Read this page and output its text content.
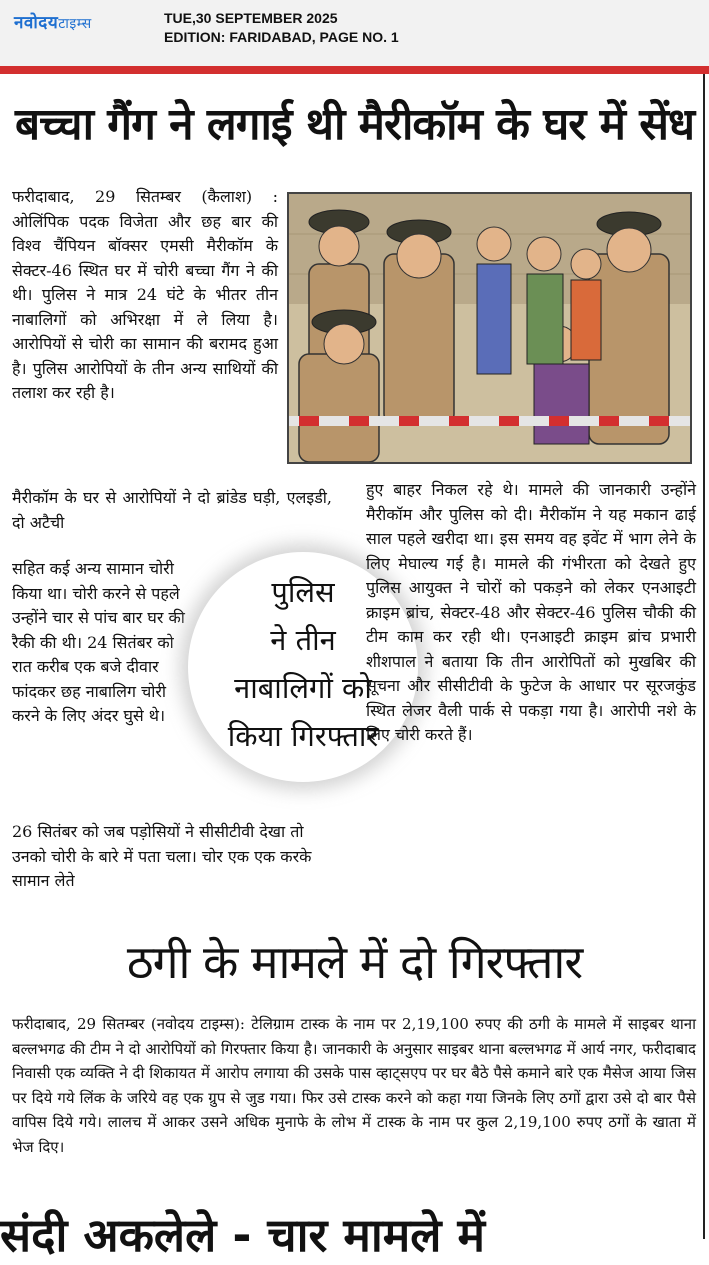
नवोदयटाइम्स	TUE,30 SEPTEMBER 2025
EDITION: FARIDABAD, PAGE NO. 1
बच्चा गैंग ने लगाई थी मैरीकॉम के घर में सेंध
फरीदाबाद, 29 सितम्बर (कैलाश) : ओलिंपिक पदक विजेता और छह बार की विश्व चैंपियन बॉक्सर एमसी मैरीकॉम के सेक्टर-46 स्थित घर में चोरी बच्चा गैंग ने की थी। पुलिस ने मात्र 24 घंटे के भीतर तीन नाबालिगों को अभिरक्षा में ले लिया है। आरोपियों से चोरी का सामान की बरामद हुआ है। पुलिस आरोपियों के तीन अन्य साथियों की तलाश कर रही है।
मैरीकॉम के घर से आरोपियों ने दो ब्रांडेड घड़ी, एलइडी, दो अटैची
सहित कई अन्य सामान चोरी किया था। चोरी करने से पहले उन्होंने चार से पांच बार घर की रैकी की थी। 24 सितंबर को रात करीब एक बजे दीवार फांदकर छह नाबालिग चोरी करने के लिए अंदर घुसे थे।
पुलिस
ने तीन
नाबालिगों को
किया गिरफ्तार
26 सितंबर को जब पड़ोसियों ने सीसीटीवी देखा तो उनको चोरी के बारे में पता चला। चोर एक एक करके सामान लेते
हुए बाहर निकल रहे थे। मामले की जानकारी उन्होंने मैरीकॉम और पुलिस को दी। मैरीकॉम ने यह मकान ढाई साल पहले खरीदा था। इस समय वह इवेंट में भाग लेने के लिए मेघाल्य गई है। मामले की गंभीरता को देखते हुए पुलिस आयुक्त ने चोरों को पकड़ने को लेकर एनआइटी क्राइम ब्रांच, सेक्टर-48 और सेक्टर-46 पुलिस चौकी की टीम काम कर रही थी। एनआइटी क्राइम ब्रांच प्रभारी शीशपाल ने बताया कि तीन आरोपितों को मुखबिर की सूचना और सीसीटीवी के फुटेज के आधार पर सूरजकुंड स्थित लेजर वैली पार्क से पकड़ा गया है। आरोपी नशे के लिए चोरी करते हैं।
ठगी के मामले में दो गिरफ्तार
फरीदाबाद, 29 सितम्बर (नवोदय टाइम्स): टेलिग्राम टास्क के नाम पर 2,19,100 रुपए की ठगी के मामले में साइबर थाना बल्लभगढ की टीम ने दो आरोपियों को गिरफ्तार किया है। जानकारी के अनुसार साइबर थाना बल्लभगढ में आर्य नगर, फरीदाबाद निवासी एक व्यक्ति ने दी शिकायत में आरोप लगाया की उसके पास व्हाट्सएप पर घर बैठे पैसे कमाने बारे एक मैसेज आया जिस पर दिये गये लिंक के जरिये वह एक ग्रुप से जुड गया। फिर उसे टास्क करने को कहा गया जिनके लिए ठगों द्वारा उसे दो बार पैसे वापिस दिये गये। लालच में आकर उसने अधिक मुनाफे के लोभ में टास्क के नाम पर कुल 2,19,100 रुपए ठगों के खाता में भेज दिए।
संदी अकलेले - चार मामले में
